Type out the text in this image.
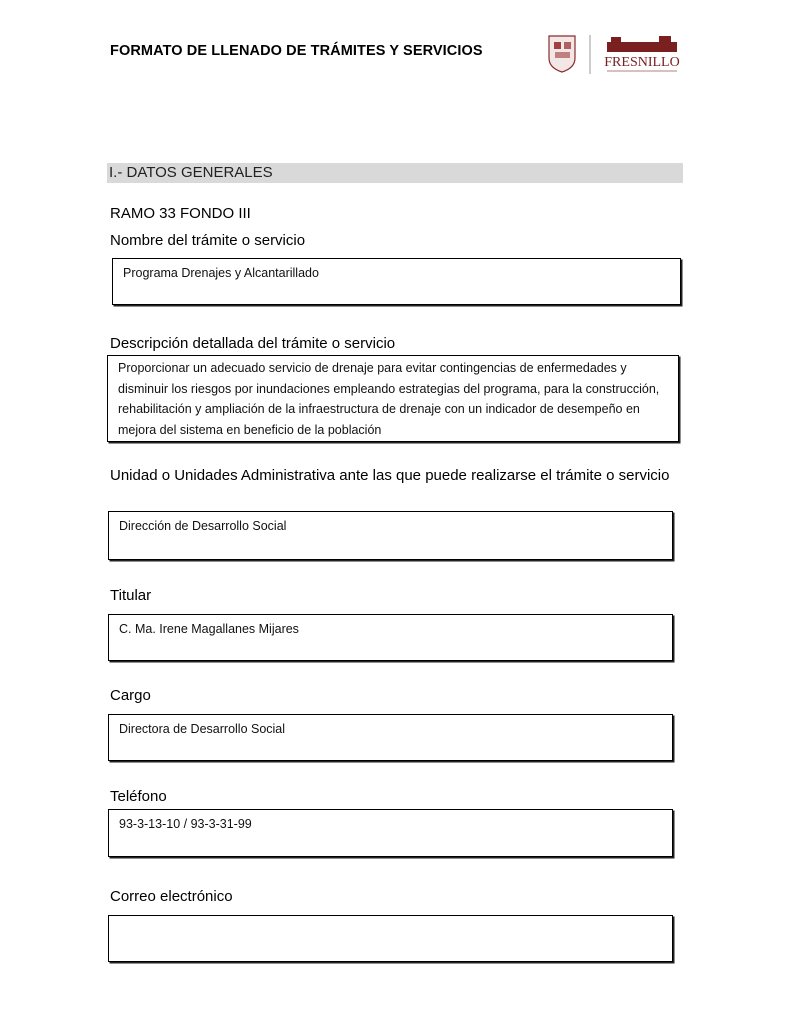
FORMATO DE LLENADO DE TRÁMITES Y SERVICIOS
FRESNILLO
I.- DATOS GENERALES
RAMO 33 FONDO III
Nombre del trámite o servicio
Programa Drenajes y Alcantarillado
Descripción detallada del trámite o servicio
Proporcionar un adecuado servicio de drenaje para evitar contingencias de enfermedades y disminuir los riesgos por inundaciones empleando estrategias del programa, para la construcción, rehabilitación y ampliación de la infraestructura de drenaje con un indicador de desempeño en mejora del sistema en beneficio de la población
Unidad o Unidades Administrativa ante las que puede realizarse el trámite o servicio
Dirección de Desarrollo Social
Titular
C. Ma. Irene Magallanes Mijares
Cargo
Directora de Desarrollo Social
Teléfono
93-3-13-10 / 93-3-31-99
Correo electrónico
